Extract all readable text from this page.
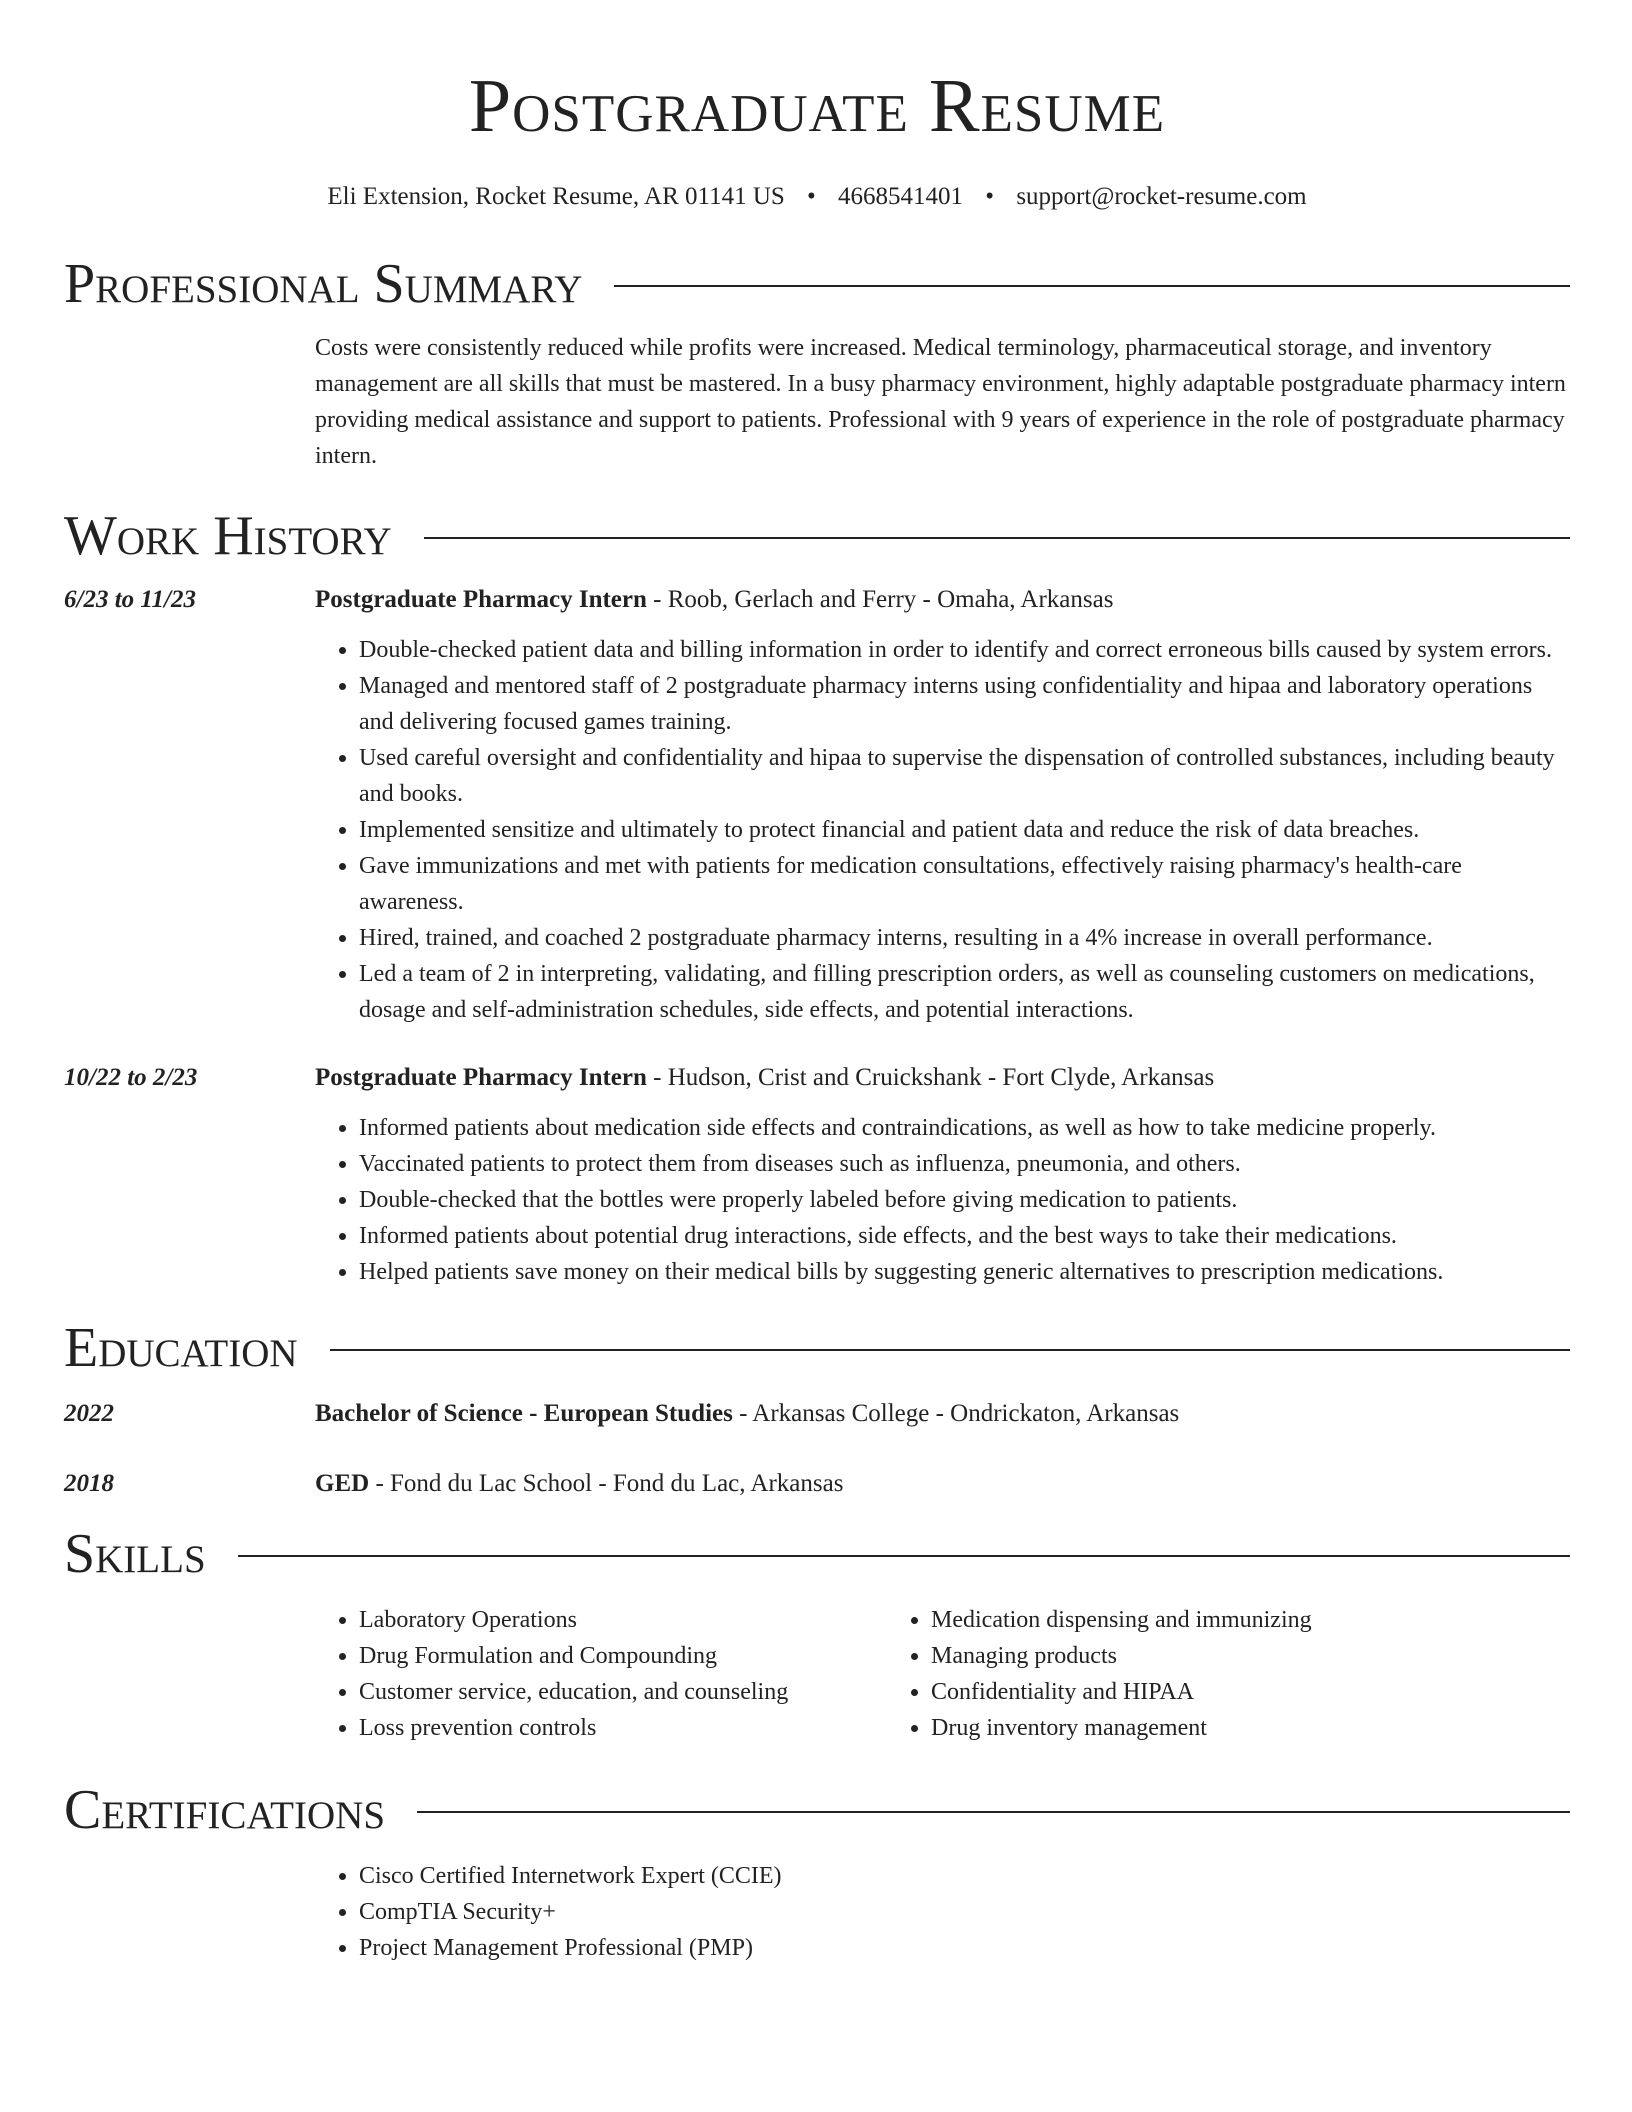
Postgraduate Resume
Eli Extension, Rocket Resume, AR 01141 US • 4668541401 • support@rocket-resume.com
Professional Summary
Costs were consistently reduced while profits were increased. Medical terminology, pharmaceutical storage, and inventory management are all skills that must be mastered. In a busy pharmacy environment, highly adaptable postgraduate pharmacy intern providing medical assistance and support to patients. Professional with 9 years of experience in the role of postgraduate pharmacy intern.
Work History
6/23 to 11/23	Postgraduate Pharmacy Intern - Roob, Gerlach and Ferry - Omaha, Arkansas
• Double-checked patient data and billing information in order to identify and correct erroneous bills caused by system errors.
• Managed and mentored staff of 2 postgraduate pharmacy interns using confidentiality and hipaa and laboratory operations and delivering focused games training.
• Used careful oversight and confidentiality and hipaa to supervise the dispensation of controlled substances, including beauty and books.
• Implemented sensitize and ultimately to protect financial and patient data and reduce the risk of data breaches.
• Gave immunizations and met with patients for medication consultations, effectively raising pharmacy's health-care awareness.
• Hired, trained, and coached 2 postgraduate pharmacy interns, resulting in a 4% increase in overall performance.
• Led a team of 2 in interpreting, validating, and filling prescription orders, as well as counseling customers on medications, dosage and self-administration schedules, side effects, and potential interactions.
10/22 to 2/23	Postgraduate Pharmacy Intern - Hudson, Crist and Cruickshank - Fort Clyde, Arkansas
• Informed patients about medication side effects and contraindications, as well as how to take medicine properly.
• Vaccinated patients to protect them from diseases such as influenza, pneumonia, and others.
• Double-checked that the bottles were properly labeled before giving medication to patients.
• Informed patients about potential drug interactions, side effects, and the best ways to take their medications.
• Helped patients save money on their medical bills by suggesting generic alternatives to prescription medications.
Education
2022	Bachelor of Science - European Studies - Arkansas College - Ondrickaton, Arkansas
2018	GED - Fond du Lac School - Fond du Lac, Arkansas
Skills
• Laboratory Operations
• Drug Formulation and Compounding
• Customer service, education, and counseling
• Loss prevention controls
• Medication dispensing and immunizing
• Managing products
• Confidentiality and HIPAA
• Drug inventory management
Certifications
• Cisco Certified Internetwork Expert (CCIE)
• CompTIA Security+
• Project Management Professional (PMP)
